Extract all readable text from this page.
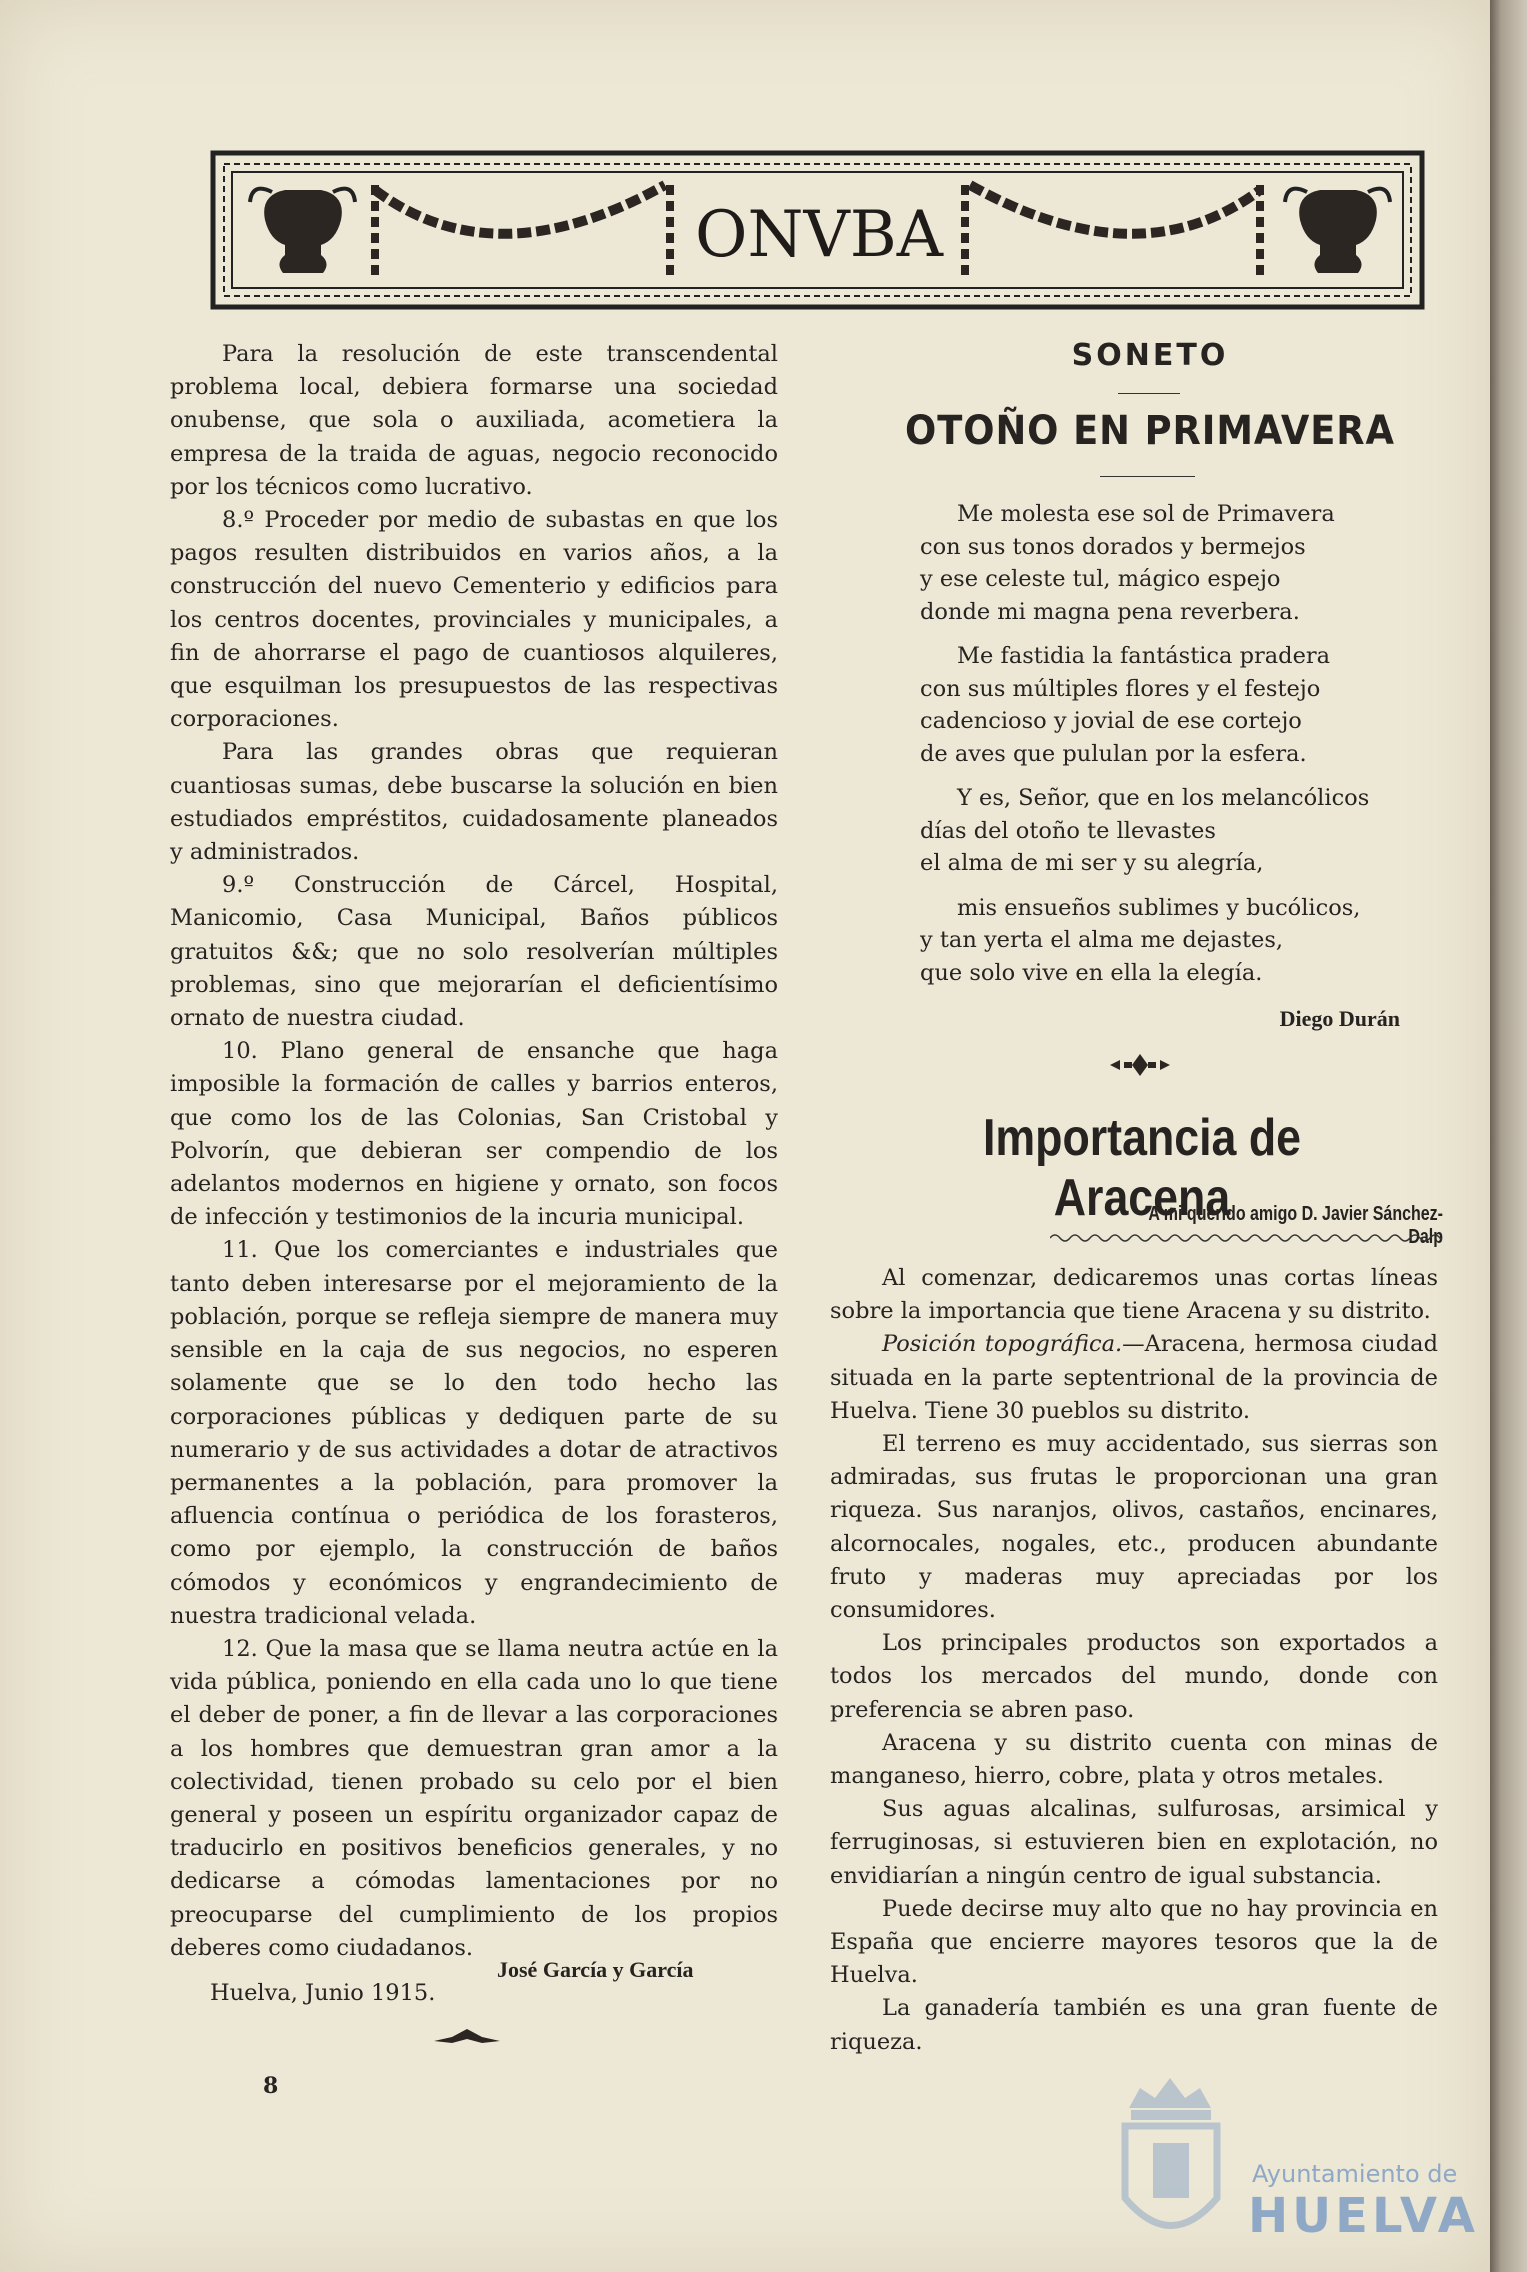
ONVBA

Para la resolución de este transcendental problema local, debiera formarse una sociedad onubense, que sola o auxiliada, acometiera la empresa de la traida de aguas, negocio reconocido por los técnicos como lucrativo.

8.º Proceder por medio de subastas en que los pagos resulten distribuidos en varios años, a la construcción del nuevo Cementerio y edificios para los centros docentes, provinciales y municipales, a fin de ahorrarse el pago de cuantiosos alquileres, que esquilman los presupuestos de las respectivas corporaciones.

Para las grandes obras que requieran cuantiosas sumas, debe buscarse la solución en bien estudiados empréstitos, cuidadosamente planeados y administrados.

9.º Construcción de Cárcel, Hospital, Manicomio, Casa Municipal, Baños públicos gratuitos &&; que no solo resolverían múltiples problemas, sino que mejorarían el deficientísimo ornato de nuestra ciudad.

10. Plano general de ensanche que haga imposible la formación de calles y barrios enteros, que como los de las Colonias, San Cristobal y Polvorín, que debieran ser compendio de los adelantos modernos en higiene y ornato, son focos de infección y testimonios de la incuria municipal.

11. Que los comerciantes e industriales que tanto deben interesarse por el mejoramiento de la población, porque se refleja siempre de manera muy sensible en la caja de sus negocios, no esperen solamente que se lo den todo hecho las corporaciones públicas y dediquen parte de su numerario y de sus actividades a dotar de atractivos permanentes a la población, para promover la afluencia contínua o periódica de los forasteros, como por ejemplo, la construcción de baños cómodos y económicos y engrandecimiento de nuestra tradicional velada.

12. Que la masa que se llama neutra actúe en la vida pública, poniendo en ella cada uno lo que tiene el deber de poner, a fin de llevar a las corporaciones a los hombres que demuestran gran amor a la colectividad, tienen probado su celo por el bien general y poseen un espíritu organizador capaz de traducirlo en positivos beneficios generales, y no dedicarse a cómodas lamentaciones por no preocuparse del cumplimiento de los propios deberes como ciudadanos.

José García y García
Huelva, Junio 1915.
8
SONETO
OTOÑO EN PRIMAVERA
Me molesta ese sol de Primavera
con sus tonos dorados y bermejos
y ese celeste tul, mágico espejo
donde mi magna pena reverbera.
Me fastidia la fantástica pradera
con sus múltiples flores y el festejo
cadencioso y jovial de ese cortejo
de aves que pululan por la esfera.
Y es, Señor, que en los melancólicos
días del otoño te llevastes
el alma de mi ser y su alegría,
mis ensueños sublimes y bucólicos,
y tan yerta el alma me dejastes,
que solo vive en ella la elegía.
Diego Durán
Importancia de Aracena
A mi querido amigo D. Javier Sánchez-Dalp

Al comenzar, dedicaremos unas cortas líneas sobre la importancia que tiene Aracena y su distrito.

Posición topográfica.—Aracena, hermosa ciudad situada en la parte septentrional de la provincia de Huelva. Tiene 30 pueblos su distrito.

El terreno es muy accidentado, sus sierras son admiradas, sus frutas le proporcionan una gran riqueza. Sus naranjos, olivos, castaños, encinares, alcornocales, nogales, etc., producen abundante fruto y maderas muy apreciadas por los consumidores.

Los principales productos son exportados a todos los mercados del mundo, donde con preferencia se abren paso.

Aracena y su distrito cuenta con minas de manganeso, hierro, cobre, plata y otros metales.

Sus aguas alcalinas, sulfurosas, arsimical y ferruginosas, si estuvieren bien en explotación, no envidiarían a ningún centro de igual substancia.

Puede decirse muy alto que no hay provincia en España que encierre mayores tesoros que la de Huelva.

La ganadería también es una gran fuente de riqueza.

Ayuntamiento de
HUELVA
